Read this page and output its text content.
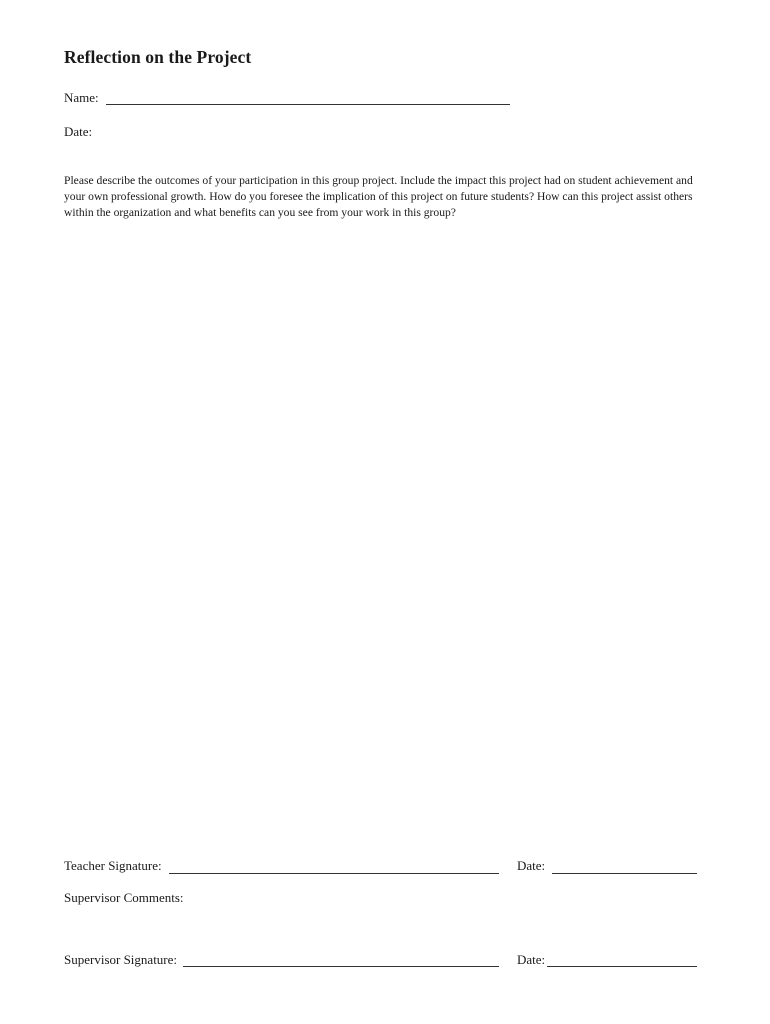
Reflection on the Project
Name:
Date:
Please describe the outcomes of your participation in this group project. Include the impact this project had on student achievement and your own professional growth. How do you foresee the implication of this project on future students? How can this project assist others within the organization and what benefits can you see from your work in this group?
Teacher Signature:	Date:
Supervisor Comments:
Supervisor Signature:	Date:
